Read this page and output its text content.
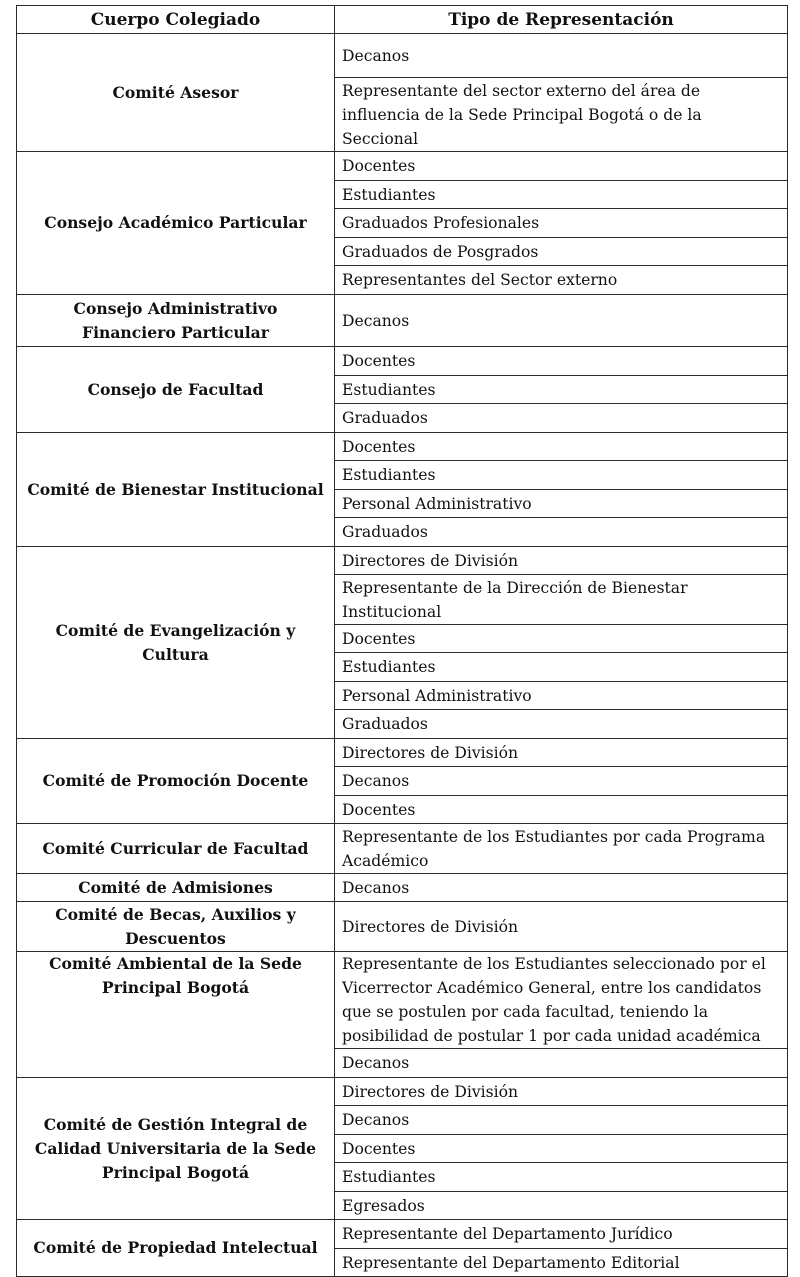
Cuerpo Colegiado	Tipo de Representación
Comité Asesor	Decanos
	Representante del sector externo del área de influencia de la Sede Principal Bogotá o de la Seccional
Consejo Académico Particular	Docentes
	Estudiantes
	Graduados Profesionales
	Graduados de Posgrados
	Representantes del Sector externo
Consejo Administrativo Financiero Particular	Decanos
Consejo de Facultad	Docentes
	Estudiantes
	Graduados
Comité de Bienestar Institucional	Docentes
	Estudiantes
	Personal Administrativo
	Graduados
Comité de Evangelización y Cultura	Directores de División
	Representante de la Dirección de Bienestar Institucional
	Docentes
	Estudiantes
	Personal Administrativo
	Graduados
Comité de Promoción Docente	Directores de División
	Decanos
	Docentes
Comité Curricular de Facultad	Representante de los Estudiantes por cada Programa Académico
Comité de Admisiones	Decanos
Comité de Becas, Auxilios y Descuentos	Directores de División
Comité Ambiental de la Sede Principal Bogotá	Representante de los Estudiantes seleccionado por el Vicerrector Académico General, entre los candidatos que se postulen por cada facultad, teniendo la posibilidad de postular 1 por cada unidad académica
	Decanos
Comité de Gestión Integral de Calidad Universitaria de la Sede Principal Bogotá	Directores de División
	Decanos
	Docentes
	Estudiantes
	Egresados
Comité de Propiedad Intelectual	Representante del Departamento Jurídico
	Representante del Departamento Editorial
